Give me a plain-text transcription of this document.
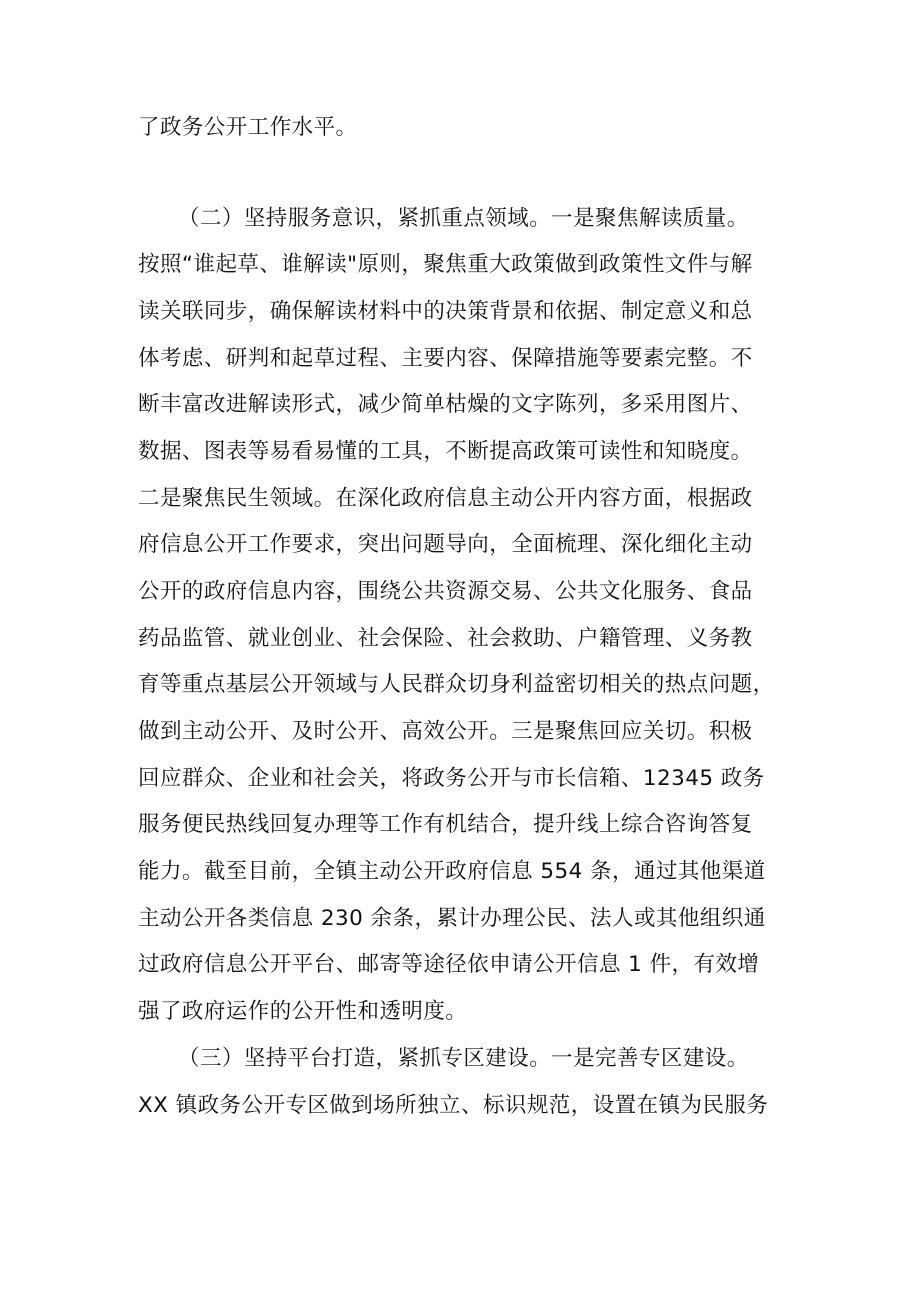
了政务公开工作水平。
（二）坚持服务意识，紧抓重点领域。一是聚焦解读质量。
按照“谁起草、谁解读"原则，聚焦重大政策做到政策性文件与解
读关联同步，确保解读材料中的决策背景和依据、制定意义和总
体考虑、研判和起草过程、主要内容、保障措施等要素完整。不
断丰富改进解读形式，减少简单枯燥的文字陈列，多采用图片、
数据、图表等易看易懂的工具，不断提高政策可读性和知晓度。
二是聚焦民生领域。在深化政府信息主动公开内容方面，根据政
府信息公开工作要求，突出问题导向，全面梳理、深化细化主动
公开的政府信息内容，围绕公共资源交易、公共文化服务、食品
药品监管、就业创业、社会保险、社会救助、户籍管理、义务教
育等重点基层公开领域与人民群众切身利益密切相关的热点问题，
做到主动公开、及时公开、高效公开。三是聚焦回应关切。积极
回应群众、企业和社会关，将政务公开与市长信箱、12345 政务
服务便民热线回复办理等工作有机结合，提升线上综合咨询答复
能力。截至目前，全镇主动公开政府信息 554 条，通过其他渠道
主动公开各类信息 230 余条，累计办理公民、法人或其他组织通
过政府信息公开平台、邮寄等途径依申请公开信息 1 件，有效增
强了政府运作的公开性和透明度。
（三）坚持平台打造，紧抓专区建设。一是完善专区建设。
XX 镇政务公开专区做到场所独立、标识规范，设置在镇为民服务
